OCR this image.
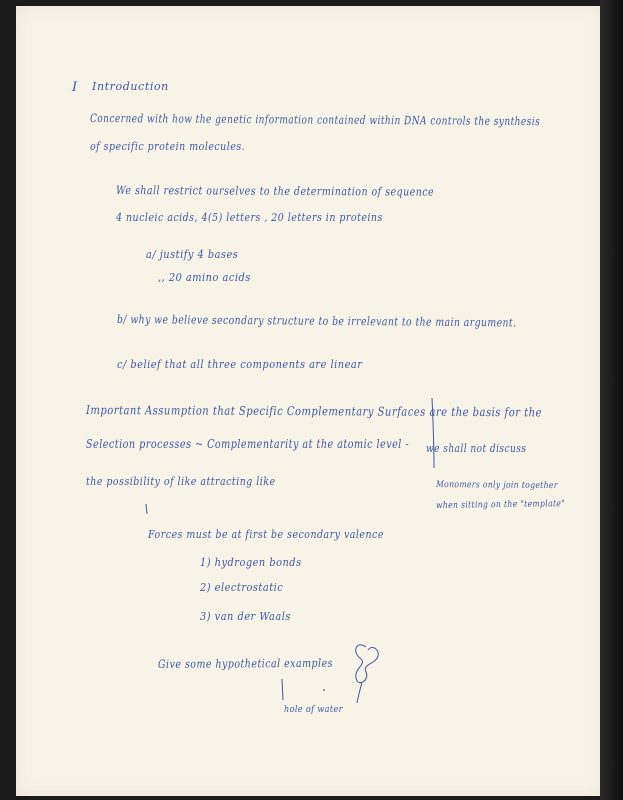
I Introduction
Concerned with how the genetic information contained within DNA controls the synthesis
of specific protein molecules.
We shall restrict ourselves to the determination of sequence
4 nucleic acids, 4(5) letters , 20 letters in proteins
a/ justify 4 bases
,, 20 amino acids
b/ why we believe secondary structure to be irrelevant to the main argument.
c/ belief that all three components are linear
Important Assumption that Specific Complementary Surfaces are the basis for the
Selection processes ~ Complementarity at the atomic level - we shall not discuss
the possibility of like attracting like	Monomers only join together
when sitting on the "template"
Forces must be at first be secondary valence
1) hydrogen bonds
2) electrostatic
3) van der Waals
Give some hypothetical examples
hole of water
